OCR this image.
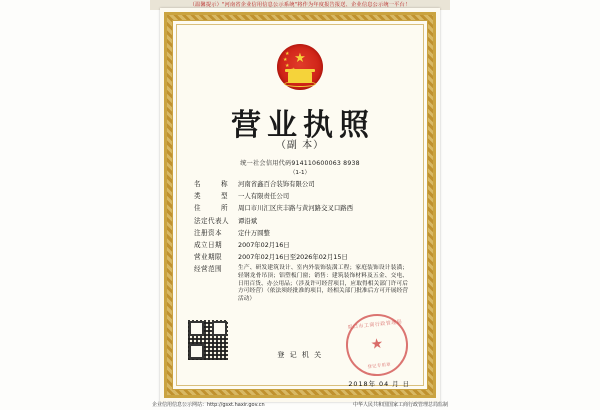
（温馨提示）"河南省企业信用信息公示系统"将作为年度报告报送、企业信息公示统一平台！
★
★
★
★
营业执照
（副 本）
统一社会信用代码914110600063 8938
（1-1）
名　　称	河南省鑫百合装饰有限公司
类　　型	一人有限责任公司
住　　所	周口市川汇区庆丰路与黄河路交叉口路西
法定代表人	谭沿斌
注册资本	定什万圆整
成立日期	2007年02月16日
营业期限	2007年02月16日至2026年02月15日
经营范围	生产、研发建筑设计、室内外装饰装潢工程；家庭装饰设计装潢；轻钢龙骨吊顶；铝塑板门窗；销售：建筑装饰材料及五金、交电、日用百货、办公用品；（涉及许可经营项目，应取得相关部门许可后方可经营）（依法须经批准的项目，经相关部门批准后方可开展经营活动）
登 记 机 关
周口市工商行政管理局
★
登记专用章
2018年 04 月 日
企业信用信息公示网站：http://gsxt.haxir.gov.cn	中华人民共和国国家工商行政管理总局监制
